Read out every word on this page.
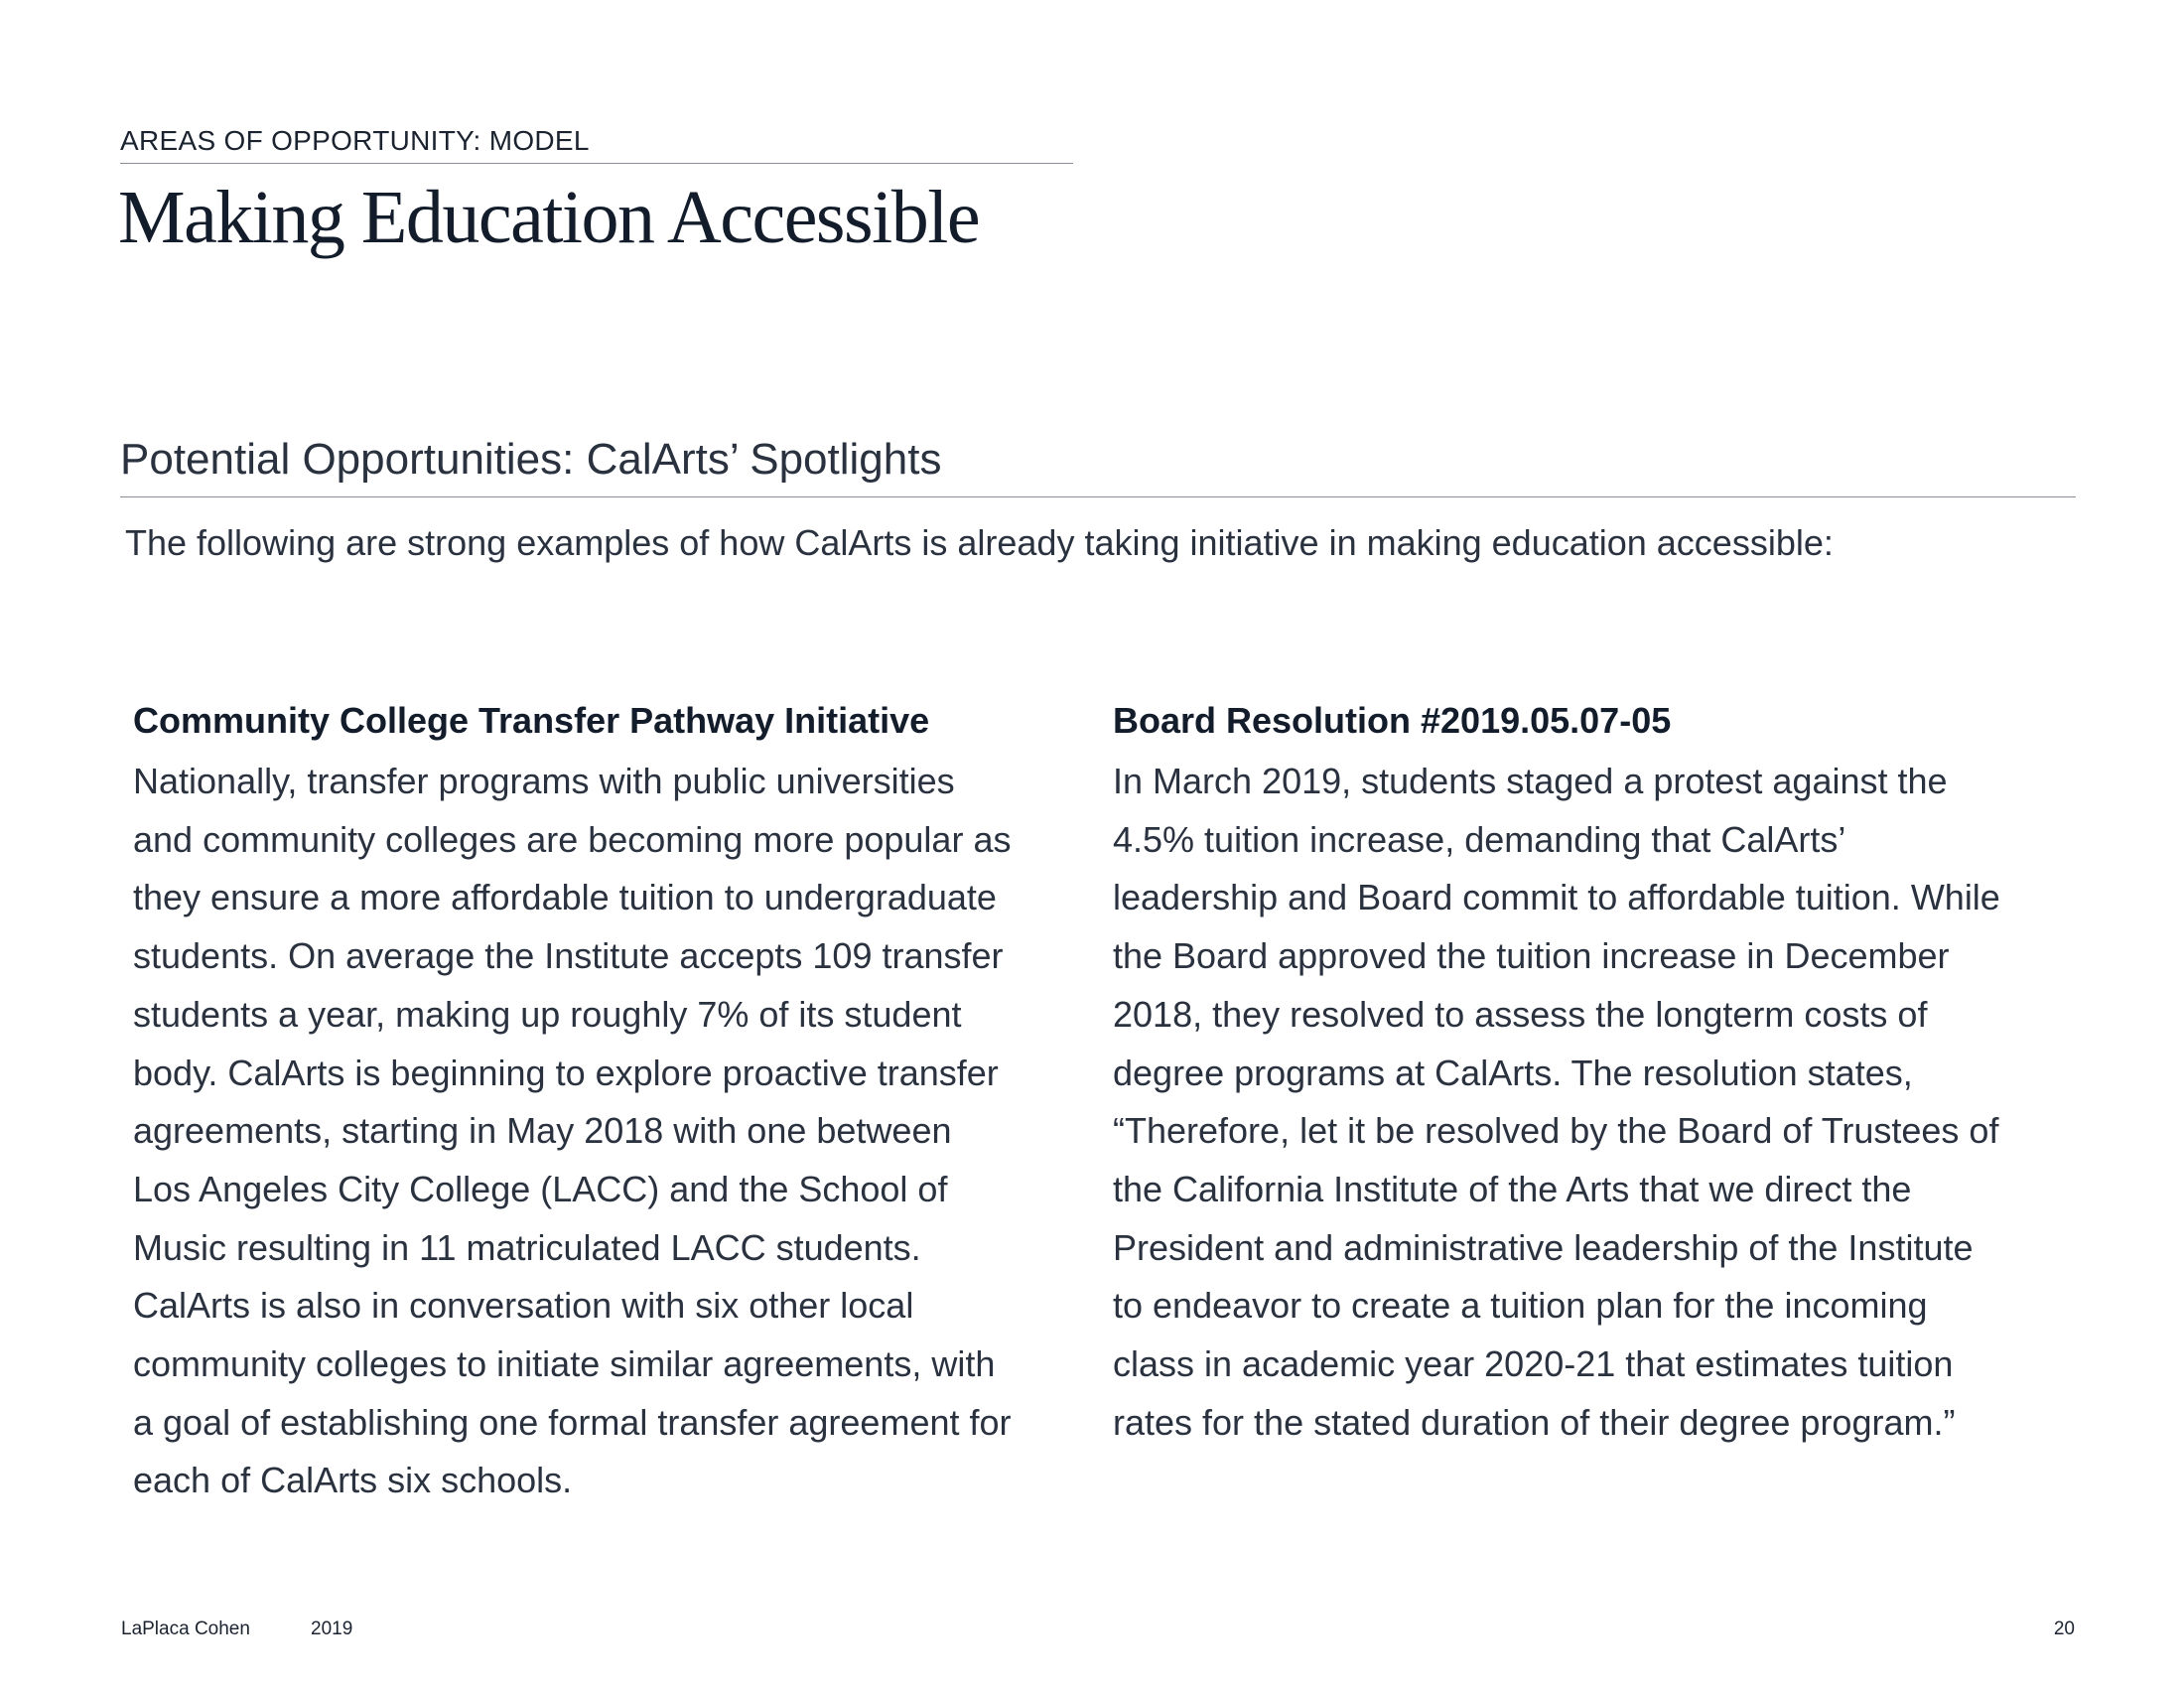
AREAS OF OPPORTUNITY: MODEL
Making Education Accessible
Potential Opportunities: CalArts’ Spotlights
The following are strong examples of how CalArts is already taking initiative in making education accessible:
Community College Transfer Pathway Initiative
Nationally, transfer programs with public universities
and community colleges are becoming more popular as
they ensure a more affordable tuition to undergraduate
students. On average the Institute accepts 109 transfer
students a year, making up roughly 7% of its student
body. CalArts is beginning to explore proactive transfer
agreements, starting in May 2018 with one between
Los Angeles City College (LACC) and the School of
Music resulting in 11 matriculated LACC students.
CalArts is also in conversation with six other local
community colleges to initiate similar agreements, with
a goal of establishing one formal transfer agreement for
each of CalArts six schools.
Board Resolution #2019.05.07-05
In March 2019, students staged a protest against the
4.5% tuition increase, demanding that CalArts’
leadership and Board commit to affordable tuition. While
the Board approved the tuition increase in December
2018, they resolved to assess the longterm costs of
degree programs at CalArts. The resolution states,
“Therefore, let it be resolved by the Board of Trustees of
the California Institute of the Arts that we direct the
President and administrative leadership of the Institute
to endeavor to create a tuition plan for the incoming
class in academic year 2020-21 that estimates tuition
rates for the stated duration of their degree program.”
LaPlaca Cohen	2019	20
